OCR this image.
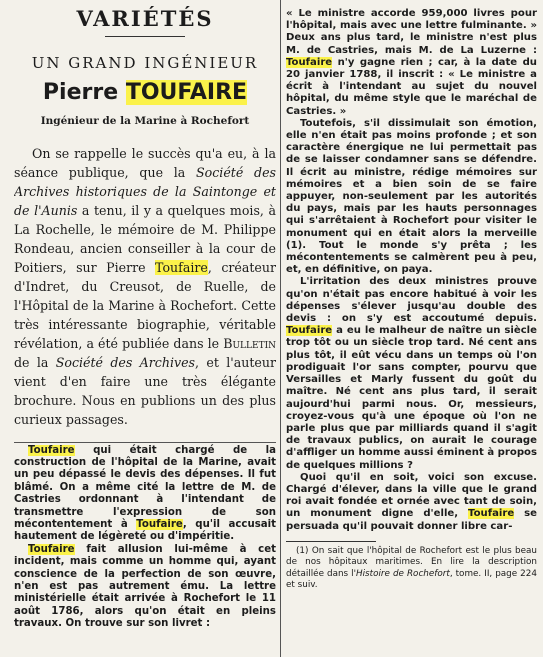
VARIÉTÉS
UN GRAND INGÉNIEUR
Pierre TOUFAIRE
Ingénieur de la Marine à Rochefort

On se rappelle le succès qu'a eu, à la séance publique, que la Société des Archives historiques de la Saintonge et de l'Aunis a tenu, il y a quelques mois, à La Rochelle, le mémoire de M. Philippe Rondeau, ancien conseiller à la cour de Poitiers, sur Pierre Toufaire, créateur d'Indret, du Creusot, de Ruelle, de l'Hôpital de la Marine à Rochefort. Cette très intéressante biographie, véritable révélation, a été publiée dans le Bulletin de la Société des Archives, et l'auteur vient d'en faire une très élégante brochure. Nous en publions un des plus curieux passages.

Toufaire qui était chargé de la construction de l'hôpital de la Marine, avait un peu dépassé le devis des dépenses. Il fut blâmé. On a même cité la lettre de M. de Castries ordonnant à l'intendant de transmettre l'expression de son mécontentement à Toufaire, qu'il accusait hautement de légèreté ou d'impéritie.

Toufaire fait allusion lui-même à cet incident, mais comme un homme qui, ayant conscience de la perfection de son œuvre, n'en est pas autrement ému. La lettre ministérielle était arrivée à Rochefort le 11 août 1786, alors qu'on était en pleins travaux. On trouve sur son livret :

« Le ministre accorde 959,000 livres pour l'hôpital, mais avec une lettre fulminante. » Deux ans plus tard, le ministre n'est plus M. de Castries, mais M. de La Luzerne : Toufaire n'y gagne rien ; car, à la date du 20 janvier 1788, il inscrit : « Le ministre a écrit à l'intendant au sujet du nouvel hôpital, du même style que le maréchal de Castries. »

Toutefois, s'il dissimulait son émotion, elle n'en était pas moins profonde ; et son caractère énergique ne lui permettait pas de se laisser condamner sans se défendre. Il écrit au ministre, rédige mémoires sur mémoires et a bien soin de se faire appuyer, non-seulement par les autorités du pays, mais par les hauts personnages qui s'arrêtaient à Rochefort pour visiter le monument qui en était alors la merveille (1). Tout le monde s'y prêta ; les mécontentements se calmèrent peu à peu, et, en définitive, on paya.

L'irritation des deux ministres prouve qu'on n'était pas encore habitué à voir les dépenses s'élever jusqu'au double des devis : on s'y est accoutumé depuis. Toufaire a eu le malheur de naître un siècle trop tôt ou un siècle trop tard. Né cent ans plus tôt, il eût vécu dans un temps où l'on prodiguait l'or sans compter, pourvu que Versailles et Marly fussent du goût du maître. Né cent ans plus tard, il serait aujourd'hui parmi nous. Or, messieurs, croyez-vous qu'à une époque où l'on ne parle plus que par milliards quand il s'agit de travaux publics, on aurait le courage d'affliger un homme aussi éminent à propos de quelques millions ?

Quoi qu'il en soit, voici son excuse. Chargé d'élever, dans la ville que le grand roi avait fondée et ornée avec tant de soin, un monument digne d'elle, Toufaire se persuada qu'il pouvait donner libre car-

(1) On sait que l'hôpital de Rochefort est le plus beau de nos hôpitaux maritimes. En lire la description détaillée dans l'Histoire de Rochefort, tome. II, page 224 et suiv.
